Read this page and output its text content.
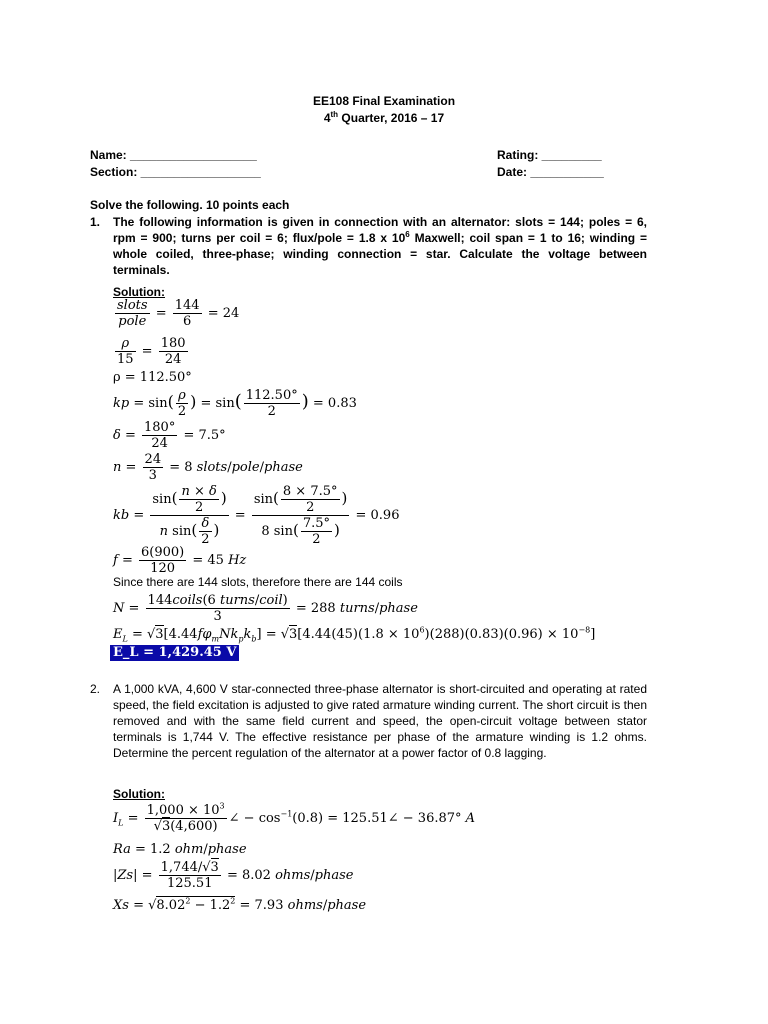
EE108 Final Examination
4th Quarter, 2016 – 17
Name: ___________________
Section: __________________
Rating: _________
Date: ___________
Solve the following. 10 points each
1. The following information is given in connection with an alternator: slots = 144; poles = 6, rpm = 900; turns per coil = 6; flux/pole = 1.8 x $10^6$ Maxwell; coil span = 1 to 16; winding = whole coiled, three-phase; winding connection = star. Calculate the voltage between terminals.
Solution:
slots
pole
= $\frac{144}{6} = 24$
$\frac{\rho}{15} = \frac{180}{24}$
ρ = 112.50°
kp = $\sin( \frac{\rho}{2}$ ) = $\sin( \frac{112.50^\circ}{2}$ ) = 0.83
$\delta = \frac{180^\circ}{24} = 7.5^\circ$
$n = \frac{24}{3} = 8$ slots/pole/phase
kb = $\frac{\sin( \frac{n \times \delta}{2} )}{n \sin( \frac{\delta}{2} )} = \frac{\sin( \frac{8 \times 7.5^\circ}{2} )}{8 \sin( \frac{7.5^\circ}{2} )} = 0.96$
$f = \frac{6(900)}{120} = 45$ Hz
Since there are 144 slots, therefore there are 144 coils
N =
144coils(6 turns/coil)
3
= 288 turns/phase
$E_L = √3[4.44f\varphi_mNk_pk_b] = √3[4.44(45)(1.8 \times 10^6)(288)(0.83)(0.96) \times 10^{-8}]$
E_L = 1,429.45 V
2. A 1,000 kVA, 4,600 V star-connected three-phase alternator is short-circuited and operating at rated speed, the field excitation is adjusted to give rated armature winding current. The short circuit is then removed and with the same field current and speed, the open-circuit voltage between stator terminals is 1,744 V. The effective resistance per phase of the armature winding is 1.2 ohms. Determine the percent regulation of the alternator at a power factor of 0.8 lagging.
Solution:
$I_L = \frac{1,000 \times 10^3}{√3(4,600)}$ ∠ − $\cos^{-1}(0.8)$ = 125.51∠ − 36.87° A
Ra = 1.2 ohm/phase
$|Zs| = \frac{1,744/√3}{125.51} = 8.02$ ohms/phase
$Xs = √8.02^2 - 1.2^2 = 7.93$ ohms/phase
